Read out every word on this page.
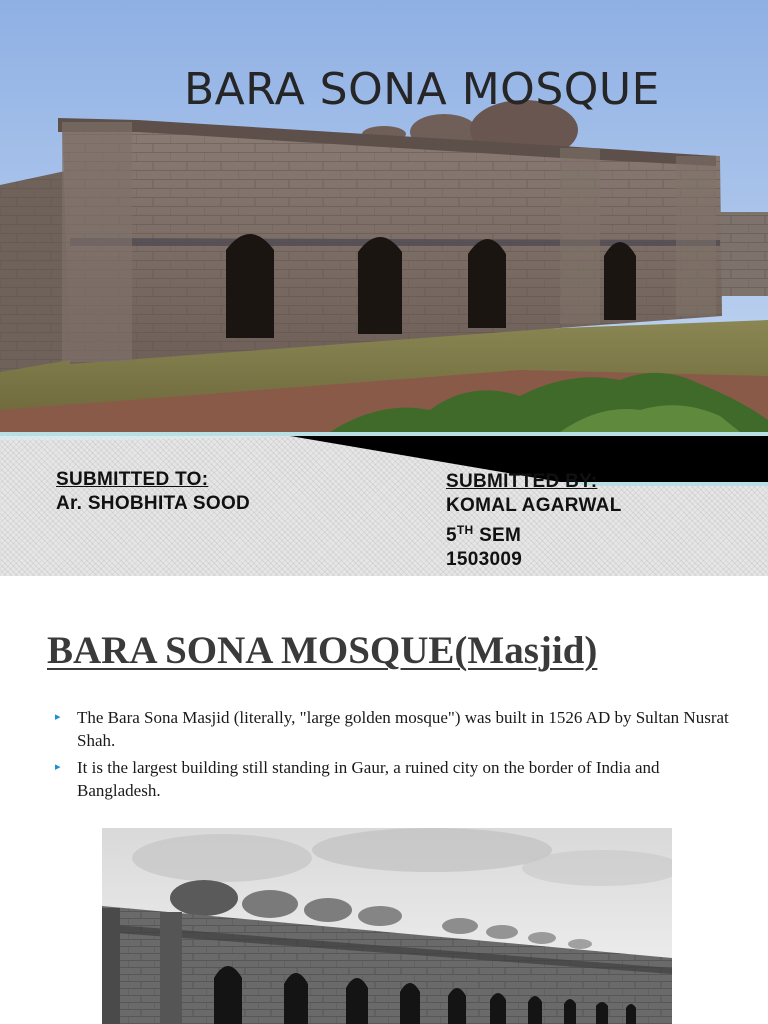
BARA SONA MOSQUE
SUBMITTED TO:
Ar. SHOBHITA SOOD
SUBMITTED BY:
KOMAL AGARWAL
5TH SEM
1503009
BARA SONA MOSQUE(Masjid)
▸ The Bara Sona Masjid (literally, "large golden mosque") was built in 1526 AD by Sultan Nusrat Shah.
▸ It is the largest building still standing in Gaur, a ruined city on the border of India and Bangladesh.
